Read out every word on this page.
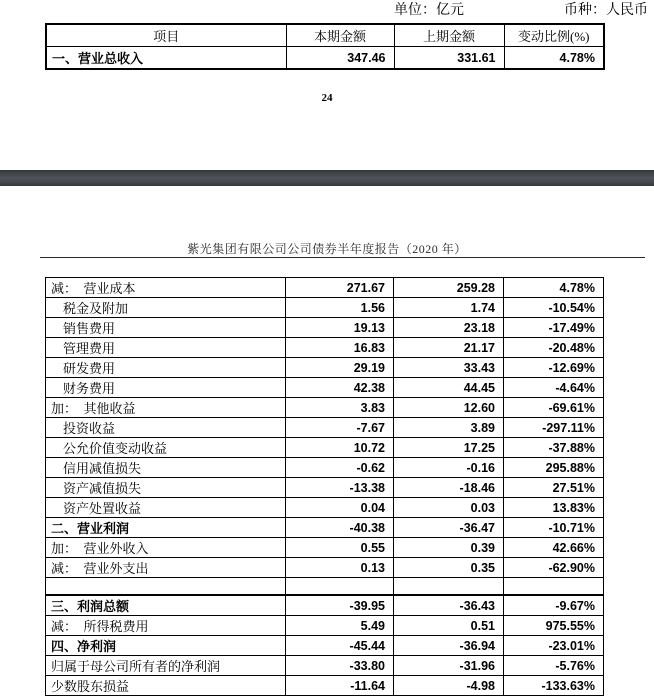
单位：亿元	币种：人民币
项目	本期金额	上期金额	变动比例(%)
一、营业总收入	347.46	331.61	4.78%
24
紫光集团有限公司公司债券半年度报告（2020 年）
减：　营业成本	271.67	259.28	4.78%
税金及附加	1.56	1.74	-10.54%
销售费用	19.13	23.18	-17.49%
管理费用	16.83	21.17	-20.48%
研发费用	29.19	33.43	-12.69%
财务费用	42.38	44.45	-4.64%
加：　其他收益	3.83	12.60	-69.61%
投资收益	-7.67	3.89	-297.11%
公允价值变动收益	10.72	17.25	-37.88%
信用减值损失	-0.62	-0.16	295.88%
资产减值损失	-13.38	-18.46	27.51%
资产处置收益	0.04	0.03	13.83%
二、营业利润	-40.38	-36.47	-10.71%
加：　营业外收入	0.55	0.39	42.66%
减：　营业外支出	0.13	0.35	-62.90%

三、利润总额	-39.95	-36.43	-9.67%
减：　所得税费用	5.49	0.51	975.55%
四、净利润	-45.44	-36.94	-23.01%
归属于母公司所有者的净利润	-33.80	-31.96	-5.76%
少数股东损益	-11.64	-4.98	-133.63%
